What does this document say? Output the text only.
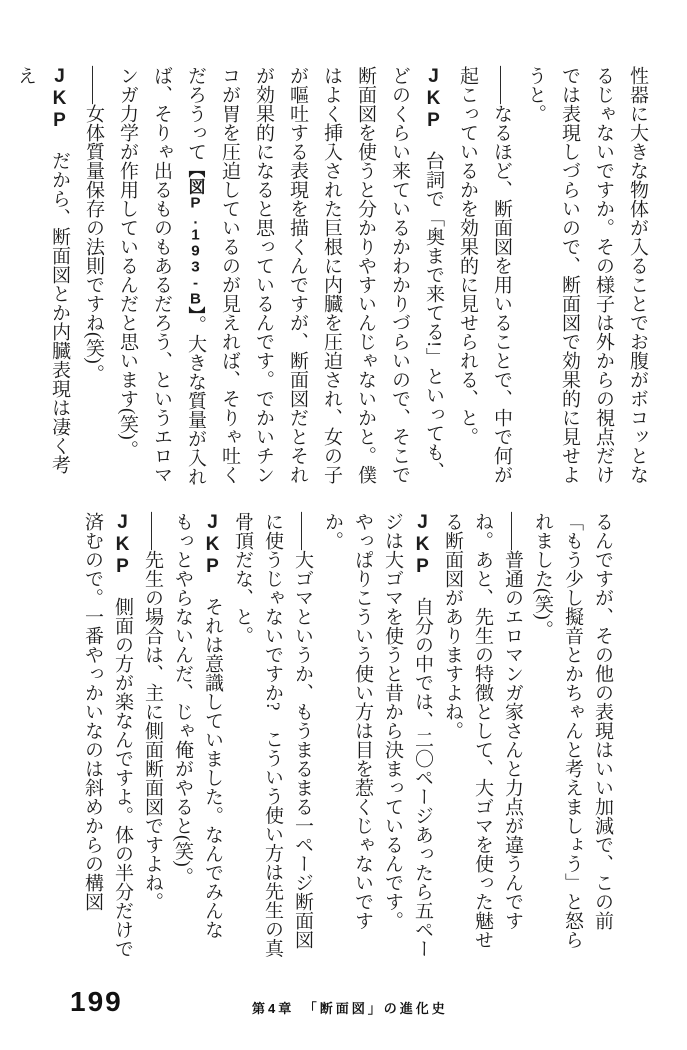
性器に大きな物体が入ることでお腹がボコッとなるじゃないですか。その様子は外からの視点だけでは表現しづらいので、断面図で効果的に見せようと。

——なるほど、断面図を用いることで、中で何が起こっているかを効果的に見せられる、と。

JKP　台詞で「奥まで来てる!」といっても、どのくらい来ているかわかりづらいので、そこで断面図を使うと分かりやすいんじゃないかと。僕はよく挿入された巨根に内臓を圧迫され、女の子が嘔吐する表現を描くんですが、断面図だとそれが効果的になると思っているんです。でかいチンコが胃を圧迫しているのが見えれば、そりゃ吐くだろうって【図P.193-B】。大きな質量が入れば、そりゃ出るものもあるだろう、というエロマンガ力学が作用しているんだと思います(笑)。

——女体質量保存の法則ですね(笑)。

JKP　だから、断面図とか内臓表現は凄く考え

るんですが、その他の表現はいい加減で、この前「もう少し擬音とかちゃんと考えましょう」と怒られました(笑)。

——普通のエロマンガ家さんと力点が違うんですね。あと、先生の特徴として、大ゴマを使った魅せる断面図がありますよね。

JKP　自分の中では、二〇ページあったら五ページは大ゴマを使うと昔から決まっているんです。やっぱりこういう使い方は目を惹くじゃないですか。

——大ゴマというか、もうまるまる一ページ断面図に使うじゃないですか?　こういう使い方は先生の真骨頂だな、と。

JKP　それは意識していました。なんでみんなもっとやらないんだ、じゃ俺がやると(笑)。

——先生の場合は、主に側面断面図ですよね。

JKP　側面の方が楽なんですよ。体の半分だけで済むので。一番やっかいなのは斜めからの構図

199	第4章　「断面図」の進化史
